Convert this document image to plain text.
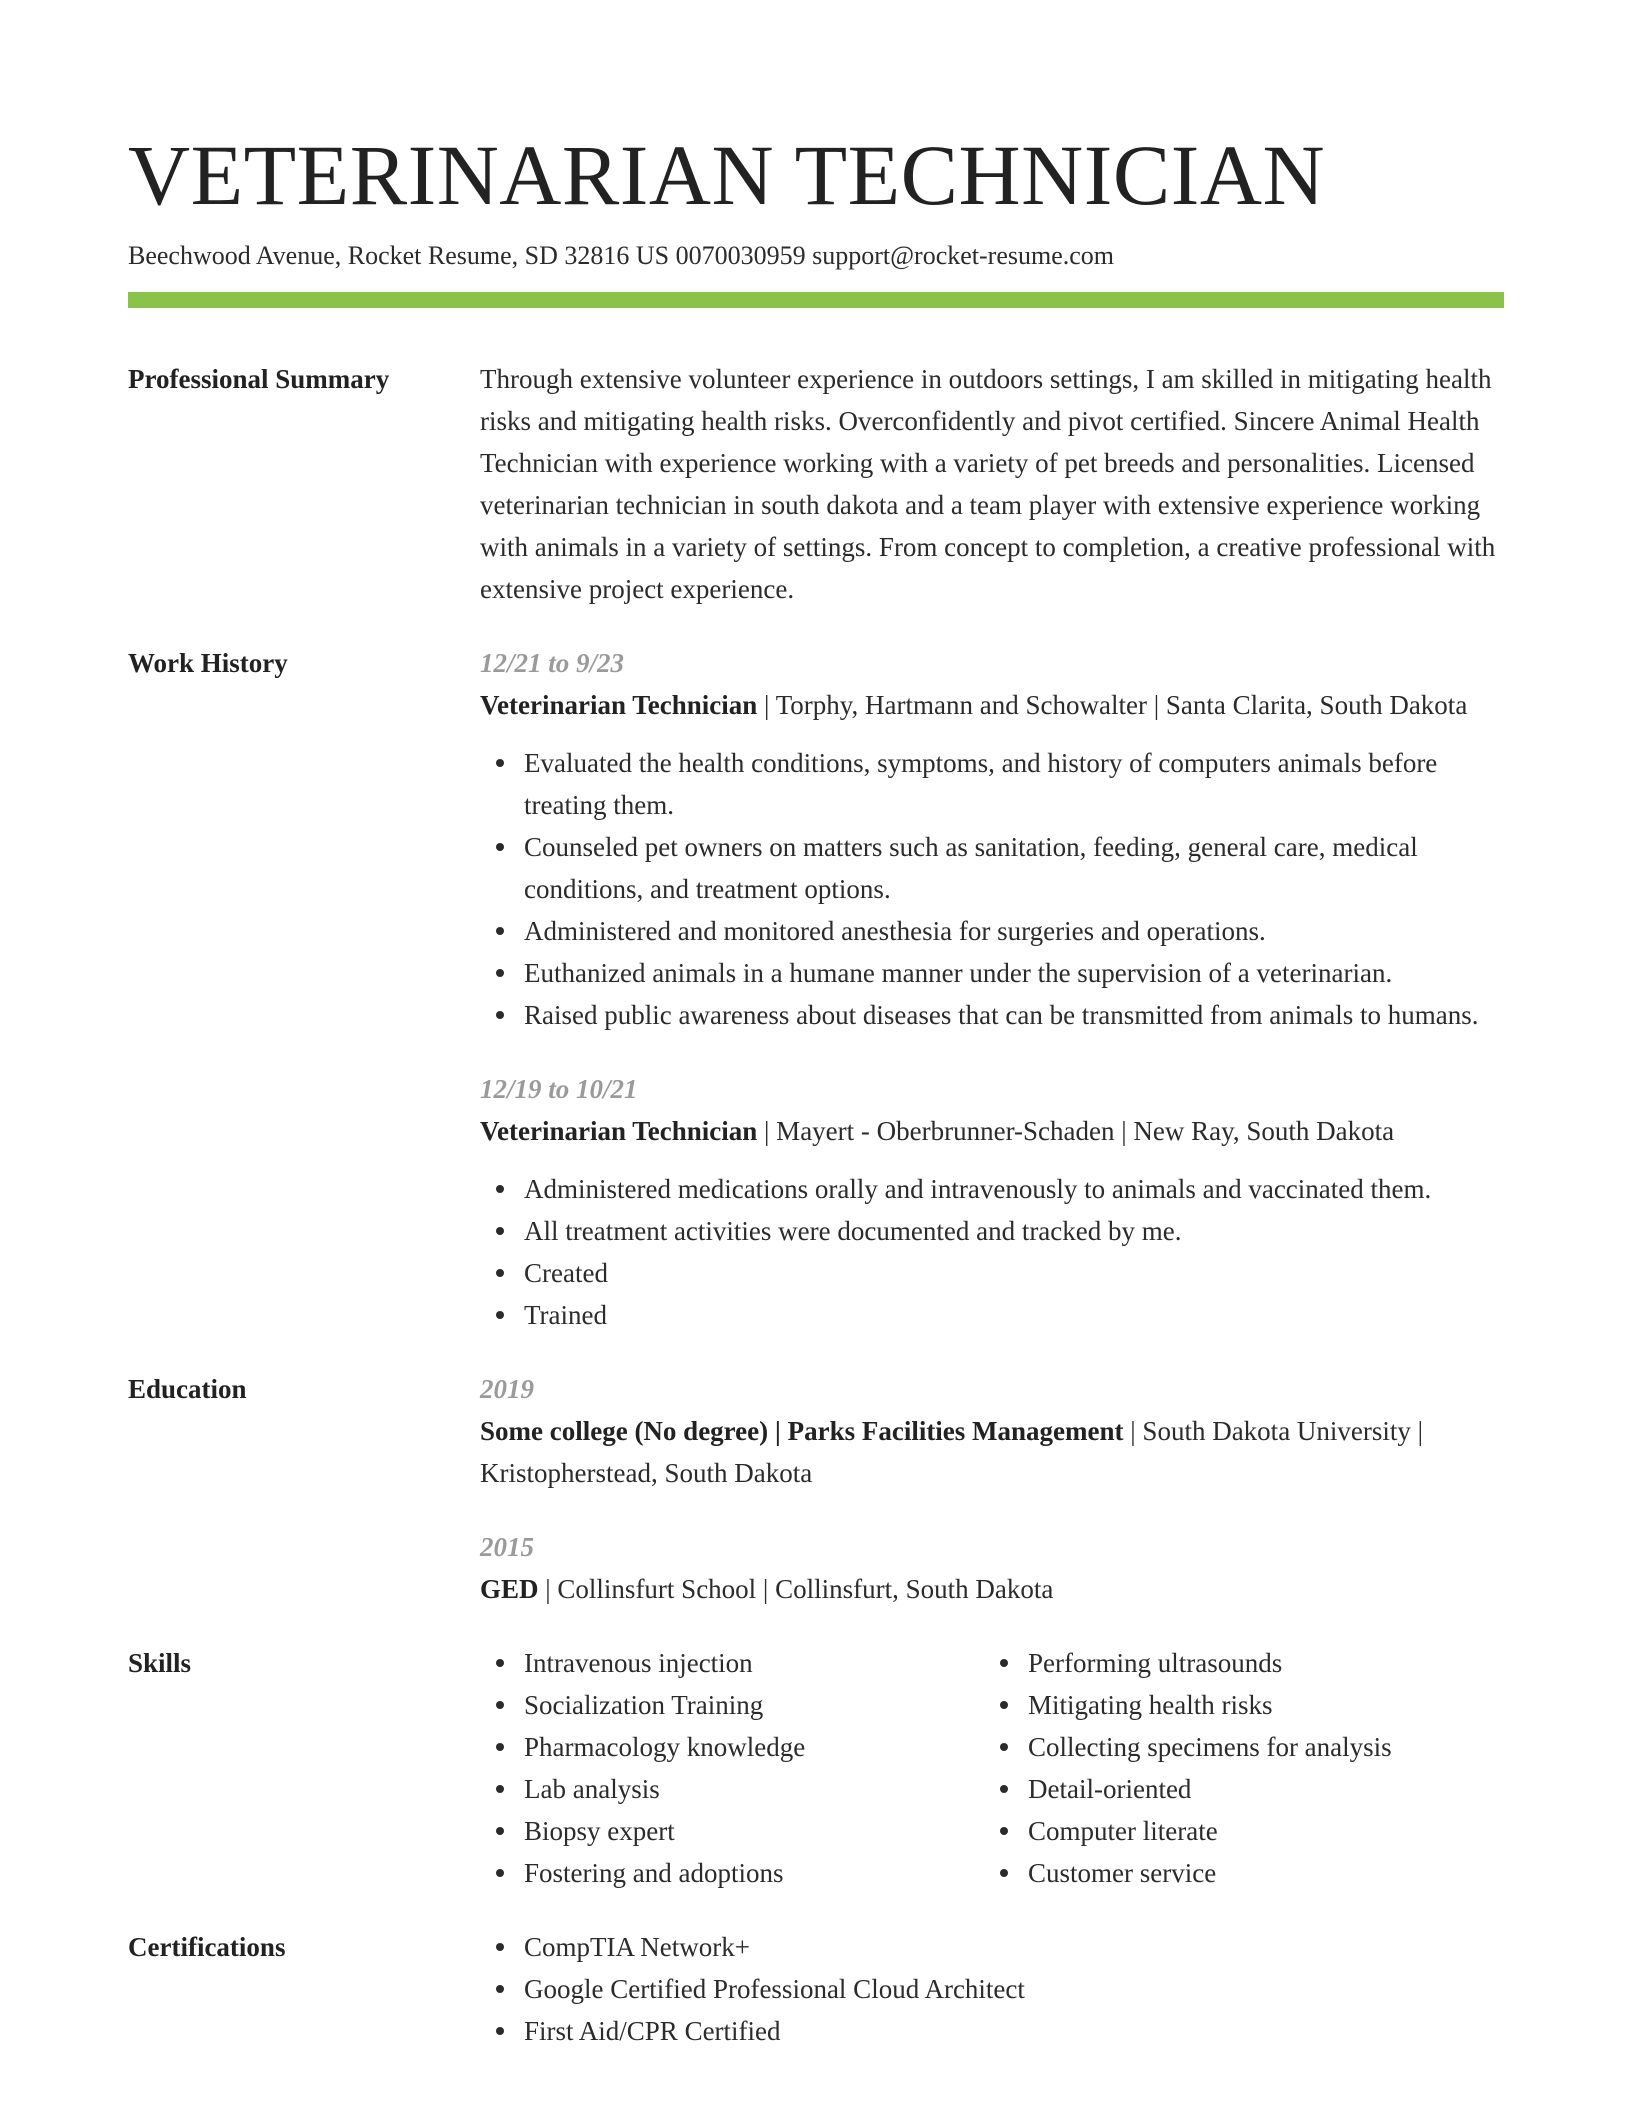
VETERINARIAN TECHNICIAN
Beechwood Avenue, Rocket Resume, SD 32816 US 0070030959 support@rocket-resume.com
Professional Summary	Through extensive volunteer experience in outdoors settings, I am skilled in mitigating health risks and mitigating health risks. Overconfidently and pivot certified. Sincere Animal Health Technician with experience working with a variety of pet breeds and personalities. Licensed veterinarian technician in south dakota and a team player with extensive experience working with animals in a variety of settings. From concept to completion, a creative professional with extensive project experience.
Work History	12/21 to 9/23
Veterinarian Technician | Torphy, Hartmann and Schowalter | Santa Clarita, South Dakota
Evaluated the health conditions, symptoms, and history of computers animals before treating them.
Counseled pet owners on matters such as sanitation, feeding, general care, medical conditions, and treatment options.
Administered and monitored anesthesia for surgeries and operations.
Euthanized animals in a humane manner under the supervision of a veterinarian.
Raised public awareness about diseases that can be transmitted from animals to humans.
12/19 to 10/21
Veterinarian Technician | Mayert - Oberbrunner-Schaden | New Ray, South Dakota
Administered medications orally and intravenously to animals and vaccinated them.
All treatment activities were documented and tracked by me.
Created
Trained
Education	2019
Some college (No degree) | Parks Facilities Management | South Dakota University | Kristopherstead, South Dakota
2015
GED | Collinsfurt School | Collinsfurt, South Dakota
Skills	Intravenous injection
Socialization Training
Pharmacology knowledge
Lab analysis
Biopsy expert
Fostering and adoptions
Performing ultrasounds
Mitigating health risks
Collecting specimens for analysis
Detail-oriented
Computer literate
Customer service
Certifications	CompTIA Network+
Google Certified Professional Cloud Architect
First Aid/CPR Certified
